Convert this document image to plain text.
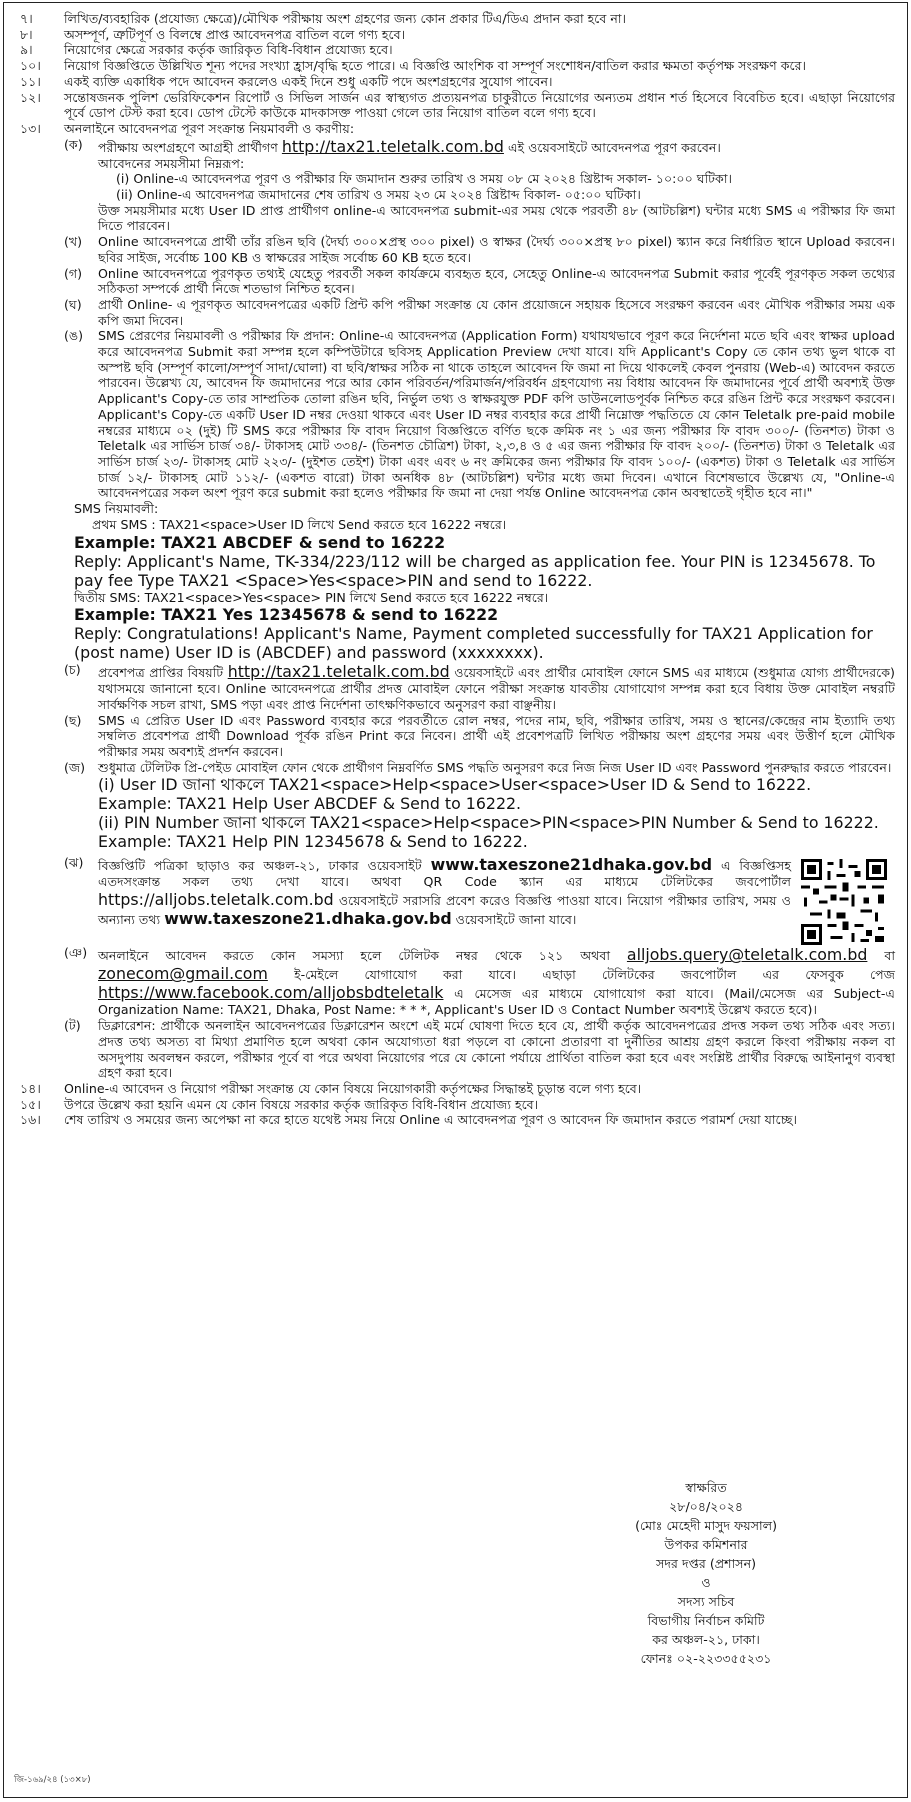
৭।	লিখিত/ব্যবহারিক (প্রযোজ্য ক্ষেত্রে)/মৌখিক পরীক্ষায় অংশ গ্রহণের জন্য কোন প্রকার টিএ/ডিএ প্রদান করা হবে না।
৮।	অসম্পূর্ণ, ত্রুটিপূর্ণ ও বিলম্বে প্রাপ্ত আবেদনপত্র বাতিল বলে গণ্য হবে।
৯।	নিয়োগের ক্ষেত্রে সরকার কর্তৃক জারিকৃত বিধি-বিধান প্রযোজ্য হবে।
১০।	নিয়োগ বিজ্ঞপ্তিতে উল্লিখিত শূন্য পদের সংখ্যা হ্রাস/বৃদ্ধি হতে পারে। এ বিজ্ঞপ্তি আংশিক বা সম্পূর্ণ সংশোধন/বাতিল করার ক্ষমতা কর্তৃপক্ষ সংরক্ষণ করে।
১১।	একই ব্যক্তি একাধিক পদে আবেদন করলেও একই দিনে শুধু একটি পদে অংশগ্রহণের সুযোগ পাবেন।
১২।	সন্তোষজনক পুলিশ ভেরিফিকেশন রিপোর্ট ও সিভিল সার্জন এর স্বাস্থ্যগত প্রত্যয়নপত্র চাকুরীতে নিয়োগের অন্যতম প্রধান শর্ত হিসেবে বিবেচিত হবে। এছাড়া নিয়োগের পূর্বে ডোপ টেস্ট করা হবে। ডোপ টেস্টে কাউকে মাদকাসক্ত পাওয়া গেলে তার নিয়োগ বাতিল বলে গণ্য হবে।
১৩।	অনলাইনে আবেদনপত্র পূরণ সংক্রান্ত নিয়মাবলী ও করণীয়:

(ক)	পরীক্ষায় অংশগ্রহণে আগ্রহী প্রার্থীগণ http://tax21.teletalk.com.bd এই ওয়েবসাইটে আবেদনপত্র পূরণ করবেন।

আবেদনের সময়সীমা নিম্নরূপ:

(i) Online-এ আবেদনপত্র পূরণ ও পরীক্ষার ফি জমাদান শুরুর তারিখ ও সময় ০৮ মে ২০২৪ খ্রিষ্টাব্দ সকাল- ১০:০০ ঘটিকা।

(ii) Online-এ আবেদনপত্র জমাদানের শেষ তারিখ ও সময় ২৩ মে ২০২৪ খ্রিষ্টাব্দ বিকাল- ০৫:০০ ঘটিকা।

উক্ত সময়সীমার মধ্যে User ID প্রাপ্ত প্রার্থীগণ online-এ আবেদনপত্র submit-এর সময় থেকে পরবর্তী ৪৮ (আটচল্লিশ) ঘন্টার মধ্যে SMS এ পরীক্ষার ফি জমা দিতে পারবেন।

(খ)	Online আবেদনপত্রে প্রার্থী তাঁর রঙিন ছবি (দৈর্ঘ্য ৩০০×প্রস্থ ৩০০ pixel) ও স্বাক্ষর (দৈর্ঘ্য ৩০০×প্রস্থ ৮০ pixel) স্ক্যান করে নির্ধারিত স্থানে Upload করবেন। ছবির সাইজ, সর্বোচ্চ 100 KB ও স্বাক্ষরের সাইজ সর্বোচ্চ 60 KB হতে হবে।
(গ)	Online আবেদনপত্রে পূরণকৃত তথ্যই যেহেতু পরবর্তী সকল কার্যক্রমে ব্যবহৃত হবে, সেহেতু Online-এ আবেদনপত্র Submit করার পূর্বেই পূরণকৃত সকল তথ্যের সঠিকতা সম্পর্কে প্রার্থী নিজে শতভাগ নিশ্চিত হবেন।
(ঘ)	প্রার্থী Online- এ পূরণকৃত আবেদনপত্রের একটি প্রিন্ট কপি পরীক্ষা সংক্রান্ত যে কোন প্রয়োজনে সহায়ক হিসেবে সংরক্ষণ করবেন এবং মৌখিক পরীক্ষার সময় এক কপি জমা দিবেন।
(ঙ)	SMS প্রেরণের নিয়মাবলী ও পরীক্ষার ফি প্রদান: Online-এ আবেদনপত্র (Application Form) যথাযথভাবে পূরণ করে নির্দেশনা মতে ছবি এবং স্বাক্ষর upload করে আবেদনপত্র Submit করা সম্পন্ন হলে কম্পিউটারে ছবিসহ Application Preview দেখা যাবে। যদি Applicant's Copy তে কোন তথ্য ভুল থাকে বা অস্পষ্ট ছবি (সম্পূর্ণ কালো/সম্পূর্ণ সাদা/ঘোলা) বা ছবি/স্বাক্ষর সঠিক না থাকে তাহলে আবেদন ফি জমা না দিয়ে থাকলেই কেবল পুনরায় (Web-এ) আবেদন করতে পারবেন। উল্লেখ্য যে, আবেদন ফি জমাদানের পরে আর কোন পরিবর্তন/পরিমার্জন/পরিবর্ধন গ্রহণযোগ্য নয় বিধায় আবেদন ফি জমাদানের পূর্বে প্রার্থী অবশ্যই উক্ত Applicant's Copy-তে তার সাম্প্রতিক তোলা রঙিন ছবি, নির্ভুল তথ্য ও স্বাক্ষরযুক্ত PDF কপি ডাউনলোডপূর্বক নিশ্চিত করে রঙিন প্রিন্ট করে সংরক্ষণ করবেন। Applicant's Copy-তে একটি User ID নম্বর দেওয়া থাকবে এবং User ID নম্বর ব্যবহার করে প্রার্থী নিম্নোক্ত পদ্ধতিতে যে কোন Teletalk pre-paid mobile নম্বরের মাধ্যমে ০২ (দুই) টি SMS করে পরীক্ষার ফি বাবদ নিয়োগ বিজ্ঞপ্তিতে বর্ণিত ছকে ক্রমিক নং ১ এর জন্য পরীক্ষার ফি বাবদ ৩০০/- (তিনশত) টাকা ও Teletalk এর সার্ভিস চার্জ ৩৪/- টাকাসহ মোট ৩৩৪/- (তিনশত চৌত্রিশ) টাকা, ২,৩,৪ ও ৫ এর জন্য পরীক্ষার ফি বাবদ ২০০/- (তিনশত) টাকা ও Teletalk এর সার্ভিস চার্জ ২৩/- টাকাসহ মোট ২২৩/- (দুইশত তেইশ) টাকা এবং এবং ৬ নং ক্রমিকের জন্য পরীক্ষার ফি বাবদ ১০০/- (একশত) টাকা ও Teletalk এর সার্ভিস চার্জ ১২/- টাকাসহ মোট ১১২/- (একশত বারো) টাকা অনধিক ৪৮ (আটচল্লিশ) ঘন্টার মধ্যে জমা দিবেন। এখানে বিশেষভাবে উল্লেখ্য যে, "Online-এ আবেদনপত্রের সকল অংশ পূরণ করে submit করা হলেও পরীক্ষার ফি জমা না দেয়া পর্যন্ত Online আবেদনপত্র কোন অবস্থাতেই গৃহীত হবে না।"

SMS নিয়মাবলী:

প্রথম SMS : TAX21<space>User ID লিখে Send করতে হবে 16222 নম্বরে।

Example: TAX21 ABCDEF & send to 16222

Reply: Applicant's Name, TK-334/223/112 will be charged as application fee. Your PIN is 12345678. To pay fee Type TAX21 <Space>Yes<space>PIN and send to 16222.

দ্বিতীয় SMS: TAX21<space>Yes<space> PIN লিখে Send করতে হবে 16222 নম্বরে।

Example: TAX21 Yes 12345678 & send to 16222

Reply: Congratulations! Applicant's Name, Payment completed successfully for TAX21 Application for (post name) User ID is (ABCDEF) and password (xxxxxxxx).

(চ)	প্রবেশপত্র প্রাপ্তির বিষয়টি http://tax21.teletalk.com.bd ওয়েবসাইটে এবং প্রার্থীর মোবাইল ফোনে SMS এর মাধ্যমে (শুধুমাত্র যোগ্য প্রার্থীদেরকে) যথাসময়ে জানানো হবে। Online আবেদনপত্রে প্রার্থীর প্রদত্ত মোবাইল ফোনে পরীক্ষা সংক্রান্ত যাবতীয় যোগাযোগ সম্পন্ন করা হবে বিধায় উক্ত মোবাইল নম্বরটি সার্বক্ষণিক সচল রাখা, SMS পড়া এবং প্রাপ্ত নির্দেশনা তাৎক্ষণিকভাবে অনুসরণ করা বাঞ্ছনীয়।
(ছ)	SMS এ প্রেরিত User ID এবং Password ব্যবহার করে পরবর্তীতে রোল নম্বর, পদের নাম, ছবি, পরীক্ষার তারিখ, সময় ও স্থানের/কেন্দ্রের নাম ইত্যাদি তথ্য সম্বলিত প্রবেশপত্র প্রার্থী Download পূর্বক রঙিন Print করে নিবেন। প্রার্থী এই প্রবেশপত্রটি লিখিত পরীক্ষায় অংশ গ্রহণের সময় এবং উত্তীর্ণ হলে মৌখিক পরীক্ষার সময় অবশ্যই প্রদর্শন করবেন।
(জ)	শুধুমাত্র টেলিটক প্রি-পেইড মোবাইল ফোন থেকে প্রার্থীগণ নিম্নবর্ণিত SMS পদ্ধতি অনুসরণ করে নিজ নিজ User ID এবং Password পুনরুদ্ধার করতে পারবেন।

(i) User ID জানা থাকলে TAX21<space>Help<space>User<space>User ID & Send to 16222.

Example: TAX21 Help User ABCDEF & Send to 16222.

(ii) PIN Number জানা থাকলে TAX21<space>Help<space>PIN<space>PIN Number & Send to 16222.

Example: TAX21 Help PIN 12345678 & Send to 16222.

(ঝ)	বিজ্ঞপ্তিটি পত্রিকা ছাড়াও কর অঞ্চল-২১, ঢাকার ওয়েবসাইট www.taxeszone21dhaka.gov.bd এ বিজ্ঞপ্তিসহ এতদসংক্রান্ত সকল তথ্য দেখা যাবে। অথবা QR Code স্ক্যান এর মাধ্যমে টেলিটকের জবপোর্টাল https://alljobs.teletalk.com.bd ওয়েবসাইটে সরাসরি প্রবেশ করেও বিজ্ঞপ্তি পাওয়া যাবে। নিয়োগ পরীক্ষার তারিখ, সময় ও অন্যান্য তথ্য www.taxeszone21.dhaka.gov.bd ওয়েবসাইটে জানা যাবে।
(ঞ) অনলাইনে আবেদন করতে কোন সমস্যা হলে টেলিটক নম্বর থেকে ১২১ অথবা alljobs.query@teletalk.com.bd বা zonecom@gmail.com ই-মেইলে যোগাযোগ করা যাবে। এছাড়া টেলিটকের জবপোর্টাল এর ফেসবুক পেজ https://www.facebook.com/alljobsbdteletalk এ মেসেজ এর মাধ্যমে যোগাযোগ করা যাবে। (Mail/মেসেজ এর Subject-এ Organization Name: TAX21, Dhaka, Post Name: * * *, Applicant's User ID ও Contact Number অবশ্যই উল্লেখ করতে হবে)।
(ট)	ডিক্লারেশন: প্রার্থীকে অনলাইন আবেদনপত্রের ডিক্লারেশন অংশে এই মর্মে ঘোষণা দিতে হবে যে, প্রার্থী কর্তৃক আবেদনপত্রের প্রদত্ত সকল তথ্য সঠিক এবং সত্য। প্রদত্ত তথ্য অসত্য বা মিথ্যা প্রমাণিত হলে অথবা কোন অযোগ্যতা ধরা পড়লে বা কোনো প্রতারণা বা দুর্নীতির আশ্রয় গ্রহণ করলে কিংবা পরীক্ষায় নকল বা অসদুপায় অবলম্বন করলে, পরীক্ষার পূর্বে বা পরে অথবা নিয়োগের পরে যে কোনো পর্যায়ে প্রার্থিতা বাতিল করা হবে এবং সংশ্লিষ্ট প্রার্থীর বিরুদ্ধে আইনানুগ ব্যবস্থা গ্রহণ করা হবে।
১৪।	Online-এ আবেদন ও নিয়োগ পরীক্ষা সংক্রান্ত যে কোন বিষয়ে নিয়োগকারী কর্তৃপক্ষের সিদ্ধান্তই চূড়ান্ত বলে গণ্য হবে।
১৫।	উপরে উল্লেখ করা হয়নি এমন যে কোন বিষয়ে সরকার কর্তৃক জারিকৃত বিধি-বিধান প্রযোজ্য হবে।
১৬।	শেষ তারিখ ও সময়ের জন্য অপেক্ষা না করে হাতে যথেষ্ট সময় নিয়ে Online এ আবেদনপত্র পূরণ ও আবেদন ফি জমাদান করতে পরামর্শ দেয়া যাচ্ছে।
স্বাক্ষরিত
২৮/০৪/২০২৪
(মোঃ মেহেদী মাসুদ ফয়সাল)
উপকর কমিশনার
সদর দপ্তর (প্রশাসন)
ও
সদস্য সচিব
বিভাগীয় নির্বাচন কমিটি
কর অঞ্চল-২১, ঢাকা।
ফোনঃ ০২-২২৩৩৫৫২৩১
জি-১৬৯/২৪ (১৩×৮)
